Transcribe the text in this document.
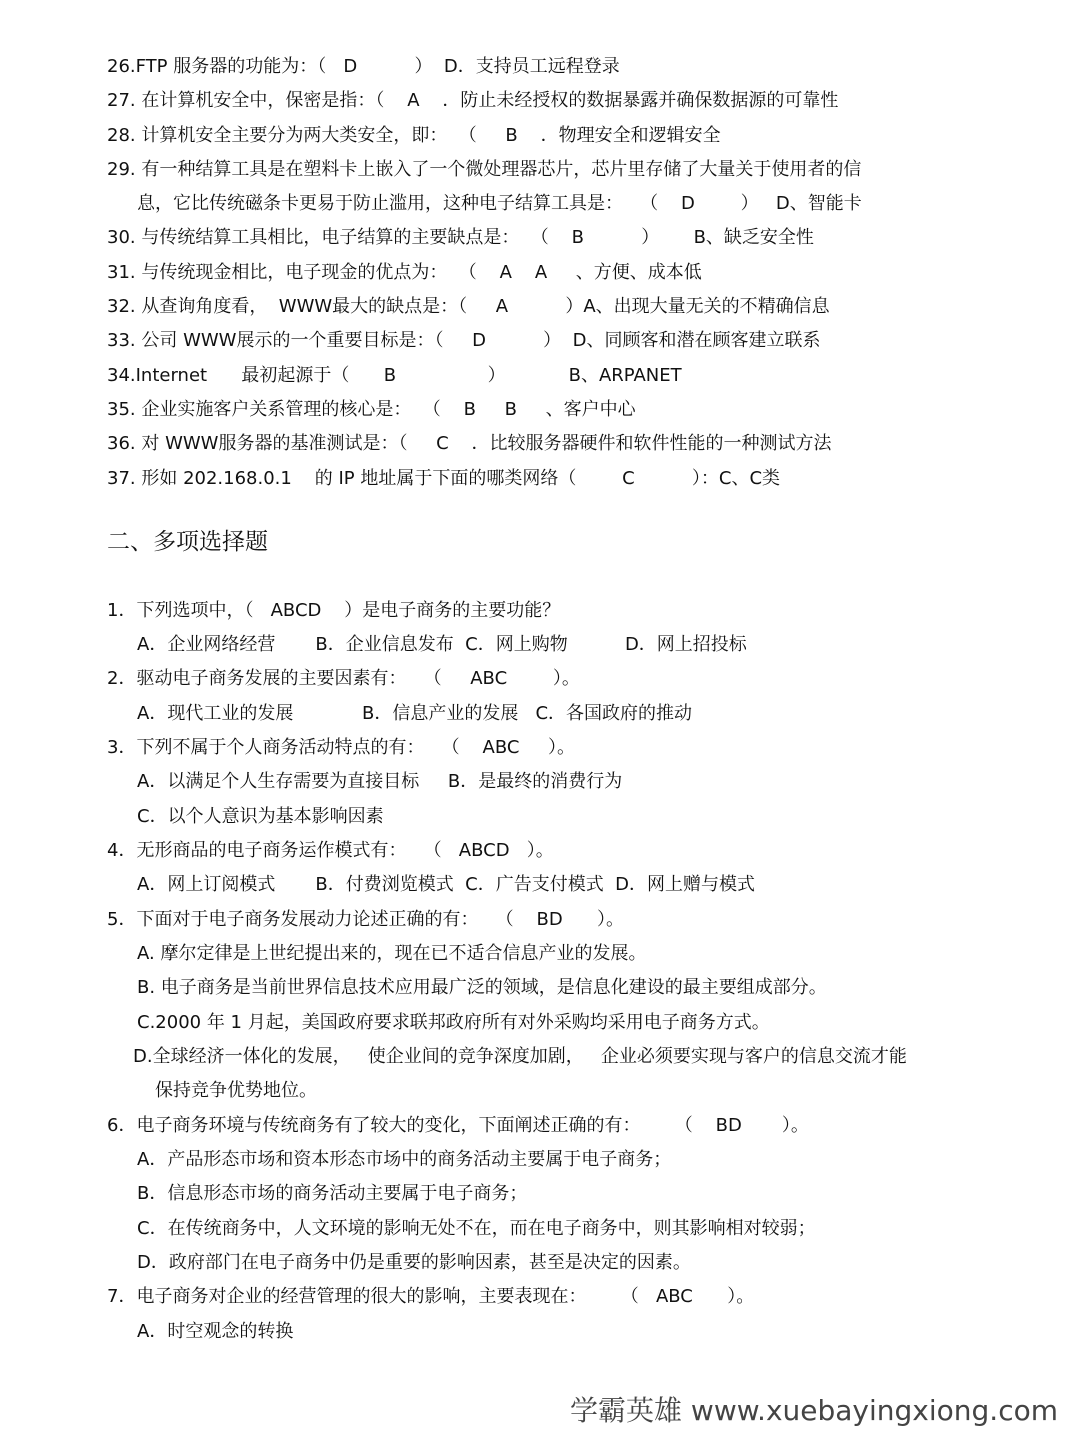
26.FTP 服务器的功能为：（   D          ）  D．支持员工远程登录
27. 在计算机安全中，保密是指：（    A    ．防止未经授权的数据暴露并确保数据源的可靠性
28. 计算机安全主要分为两大类安全，即：  （     B    ．物理安全和逻辑安全
29. 有一种结算工具是在塑料卡上嵌入了一个微处理器芯片，芯片里存储了大量关于使用者的信
息，它比传统磁条卡更易于防止滥用，这种电子结算工具是：   （    D        ）   D、智能卡
30. 与传统结算工具相比，电子结算的主要缺点是：  （    B          ）      B、缺乏安全性
31. 与传统现金相比，电子现金的优点为：  （    A    A     、方便、成本低
32. 从查询角度看，  WWW最大的缺点是：（     A          ）A、出现大量无关的不精确信息
33. 公司 WWW展示的一个重要目标是：（     D          ）  D、同顾客和潜在顾客建立联系
34.Internet      最初起源于（      B                ）           B、ARPANET
35. 企业实施客户关系管理的核心是：  （    B     B     、客户中心
36. 对 WWW服务器的基准测试是：（     C    ．比较服务器硬件和软件性能的一种测试方法
37. 形如 202.168.0.1    的 IP 地址属于下面的哪类网络（        C          ）：C、C类
二、多项选择题
1．下列选项中，（   ABCD    ）是电子商务的主要功能？
A．企业网络经营       B．企业信息发布  C．网上购物          D．网上招投标
2．驱动电子商务发展的主要因素有：   （     ABC        ）。
A．现代工业的发展            B．信息产业的发展   C．各国政府的推动
3．下列不属于个人商务活动特点的有：   （    ABC     ）。
A．以满足个人生存需要为直接目标     B．是最终的消费行为
C．以个人意识为基本影响因素
4．无形商品的电子商务运作模式有：   （   ABCD   ）。
A．网上订阅模式       B．付费浏览模式  C．广告支付模式  D．网上赠与模式
5．下面对于电子商务发展动力论述正确的有：   （    BD      ）。
A. 摩尔定律是上世纪提出来的，现在已不适合信息产业的发展。
B. 电子商务是当前世界信息技术应用最广泛的领域，是信息化建设的最主要组成部分。
C.2000 年 1 月起，美国政府要求联邦政府所有对外采购均采用电子商务方式。
D.全球经济一体化的发展，   使企业间的竞争深度加剧，   企业必须要实现与客户的信息交流才能
保持竞争优势地位。
6．电子商务环境与传统商务有了较大的变化，下面阐述正确的有：      （    BD       ）。
A．产品形态市场和资本形态市场中的商务活动主要属于电子商务；
B．信息形态市场的商务活动主要属于电子商务；
C．在传统商务中，人文环境的影响无处不在，而在电子商务中，则其影响相对较弱；
D．政府部门在电子商务中仍是重要的影响因素，甚至是决定的因素。
7．电子商务对企业的经营管理的很大的影响，主要表现在：      （   ABC      ）。
A．时空观念的转换
学霸英雄 www.xuebayingxiong.com
